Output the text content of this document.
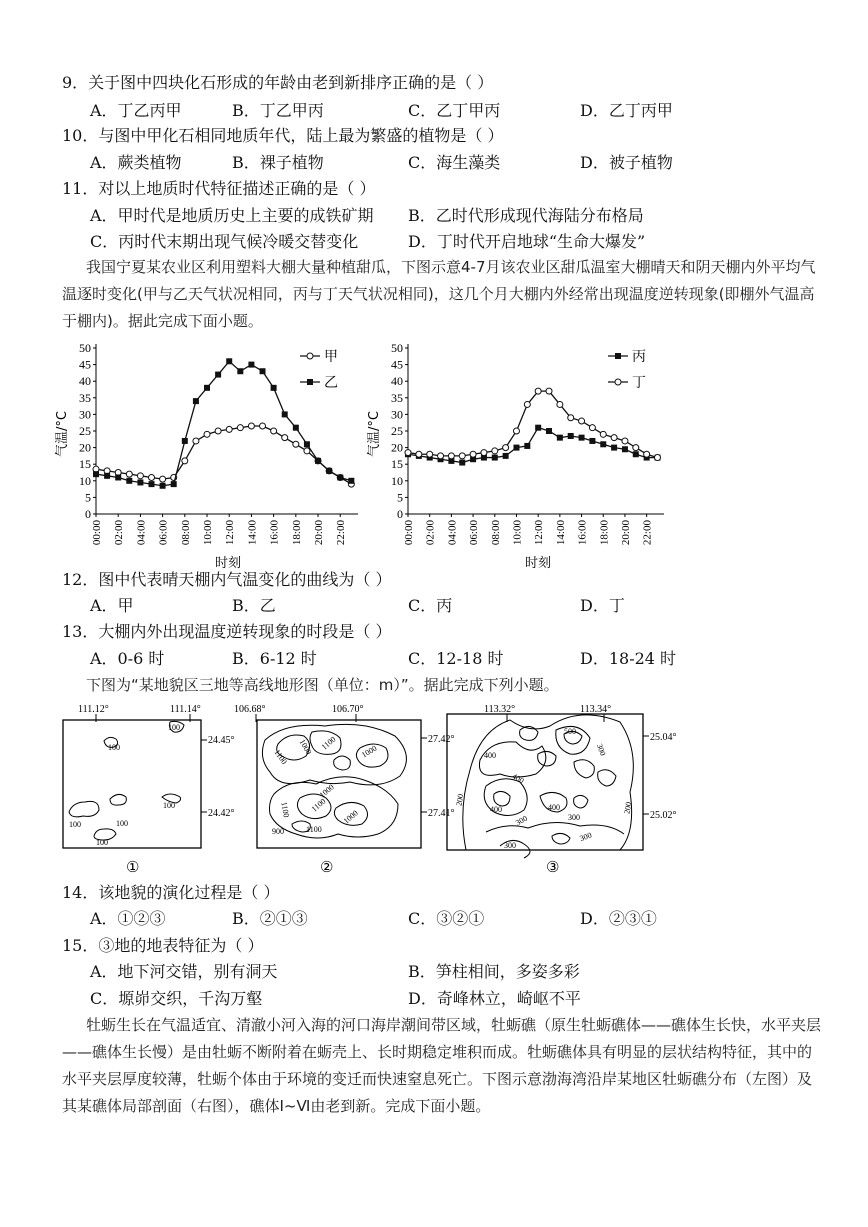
9．关于图中四块化石形成的年龄由老到新排序正确的是（ ）
A．丁乙丙甲	B．丁乙甲丙	C．乙丁甲丙	D．乙丁丙甲
10．与图中甲化石相同地质年代，陆上最为繁盛的植物是（ ）
A．蕨类植物	B．裸子植物	C．海生藻类	D．被子植物
11．对以上地质时代特征描述正确的是（ ）
A．甲时代是地质历史上主要的成铁矿期 B．乙时代形成现代海陆分布格局
C．丙时代末期出现气候冷暖交替变化	D．丁时代开启地球“生命大爆发”
我国宁夏某农业区利用塑料大棚大量种植甜瓜，下图示意4-7月该农业区甜瓜温室大棚晴天和阴天棚内外平均气温逐时变化(甲与乙天气状况相同，丙与丁天气状况相同)，这几个月大棚内外经常出现温度逆转现象(即棚外气温高于棚内)。据此完成下面小题。
0
5
10
15
20
25
30
35
40
45
50
00:00 02:00 04:00 06:00 08:00 10:00 12:00 14:00 16:00 18:00 20:00 22:00
气温/°C
时刻
甲
乙
0
5
10
15
20
25
30
35
40
45
50
00:00 02:00 04:00 06:00 08:00 10:00 12:00 14:00 16:00 18:00 20:00 22:00
气温/°C
时刻
丙
丁
12．图中代表晴天棚内气温变化的曲线为（ ）
A．甲	B．乙	C．丙	D．丁
13．大棚内外出现温度逆转现象的时段是（ ）
A．0-6 时	B．6-12 时	C．12-18 时	D．18-24 时
下图为“某地貌区三地等高线地形图（单位：m）”。据此完成下列小题。
111.12°	111.14°
24.45°
24.42°
100
100
100	100
100
100
①
106.68°	106.70°
27.42°
27.41°
1100
1000 1100	1000
1000
1100
1100
900	1100
1000
②
113.32°	113.34°
25.04°
25.02°
500
400	300
400
200
400	400
300
300
300
300
200
③
14．该地貌的演化过程是（ ）
A．①②③	B．②①③	C．③②①	D．②③①
15．③地的地表特征为（ ）
A．地下河交错，别有洞天	B．笋柱相间，多姿多彩
C．塬峁交织，千沟万壑	D．奇峰林立，崎岖不平
牡蛎生长在气温适宜、清澈小河入海的河口海岸潮间带区域，牡蛎礁（原生牡蛎礁体——礁体生长快，水平夹层——礁体生长慢）是由牡蛎不断附着在蛎壳上、长时期稳定堆积而成。牡蛎礁体具有明显的层状结构特征，其中的水平夹层厚度较薄，牡蛎个体由于环境的变迁而快速窒息死亡。下图示意渤海湾沿岸某地区牡蛎礁分布（左图）及其某礁体局部剖面（右图），礁体Ⅰ~Ⅵ由老到新。完成下面小题。
